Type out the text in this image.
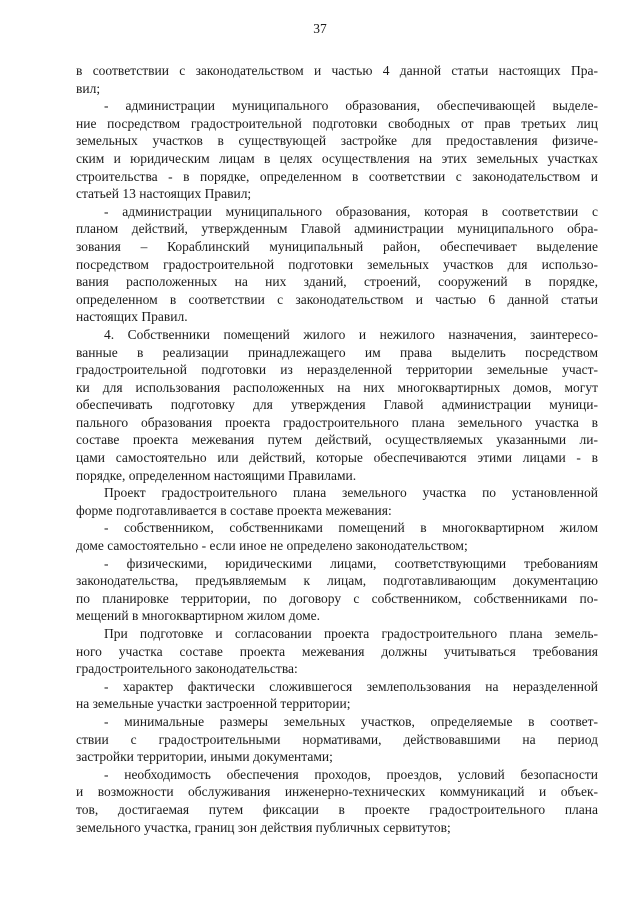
37
в соответствии с законодательством и частью 4 данной статьи настоящих Пра-
вил;
- администрации муниципального образования, обеспечивающей выделе-
ние посредством градостроительной подготовки свободных от прав третьих лиц
земельных участков в существующей застройке для предоставления физиче-
ским и юридическим лицам в целях осуществления на этих земельных участках
строительства - в порядке, определенном в соответствии с законодательством и
статьей 13 настоящих Правил;
- администрации муниципального образования, которая в соответствии с
планом действий, утвержденным Главой администрации муниципального обра-
зования – Кораблинский муниципальный район, обеспечивает выделение
посредством градостроительной подготовки земельных участков для использо-
вания расположенных на них зданий, строений, сооружений в порядке,
определенном в соответствии с законодательством и частью 6 данной статьи
настоящих Правил.
4. Собственники помещений жилого и нежилого назначения, заинтересо-
ванные в реализации принадлежащего им права выделить посредством
градостроительной подготовки из неразделенной территории земельные участ-
ки для использования расположенных на них многоквартирных домов, могут
обеспечивать подготовку для утверждения Главой администрации муници-
пального образования проекта градостроительного плана земельного участка в
составе проекта межевания путем действий, осуществляемых указанными ли-
цами самостоятельно или действий, которые обеспечиваются этими лицами - в
порядке, определенном настоящими Правилами.
Проект градостроительного плана земельного участка по установленной
форме подготавливается в составе проекта межевания:
- собственником, собственниками помещений в многоквартирном жилом
доме самостоятельно - если иное не определено законодательством;
- физическими, юридическими лицами, соответствующими требованиям
законодательства, предъявляемым к лицам, подготавливающим документацию
по планировке территории, по договору с собственником, собственниками по-
мещений в многоквартирном жилом доме.
При подготовке и согласовании проекта градостроительного плана земель-
ного участка составе проекта межевания должны учитываться требования
градостроительного законодательства:
- характер фактически сложившегося землепользования на неразделенной
на земельные участки застроенной территории;
- минимальные размеры земельных участков, определяемые в соответ-
ствии с градостроительными нормативами, действовавшими на период
застройки территории, иными документами;
- необходимость обеспечения проходов, проездов, условий безопасности
и возможности обслуживания инженерно-технических коммуникаций и объек-
тов, достигаемая путем фиксации в проекте градостроительного плана
земельного участка, границ зон действия публичных сервитутов;
